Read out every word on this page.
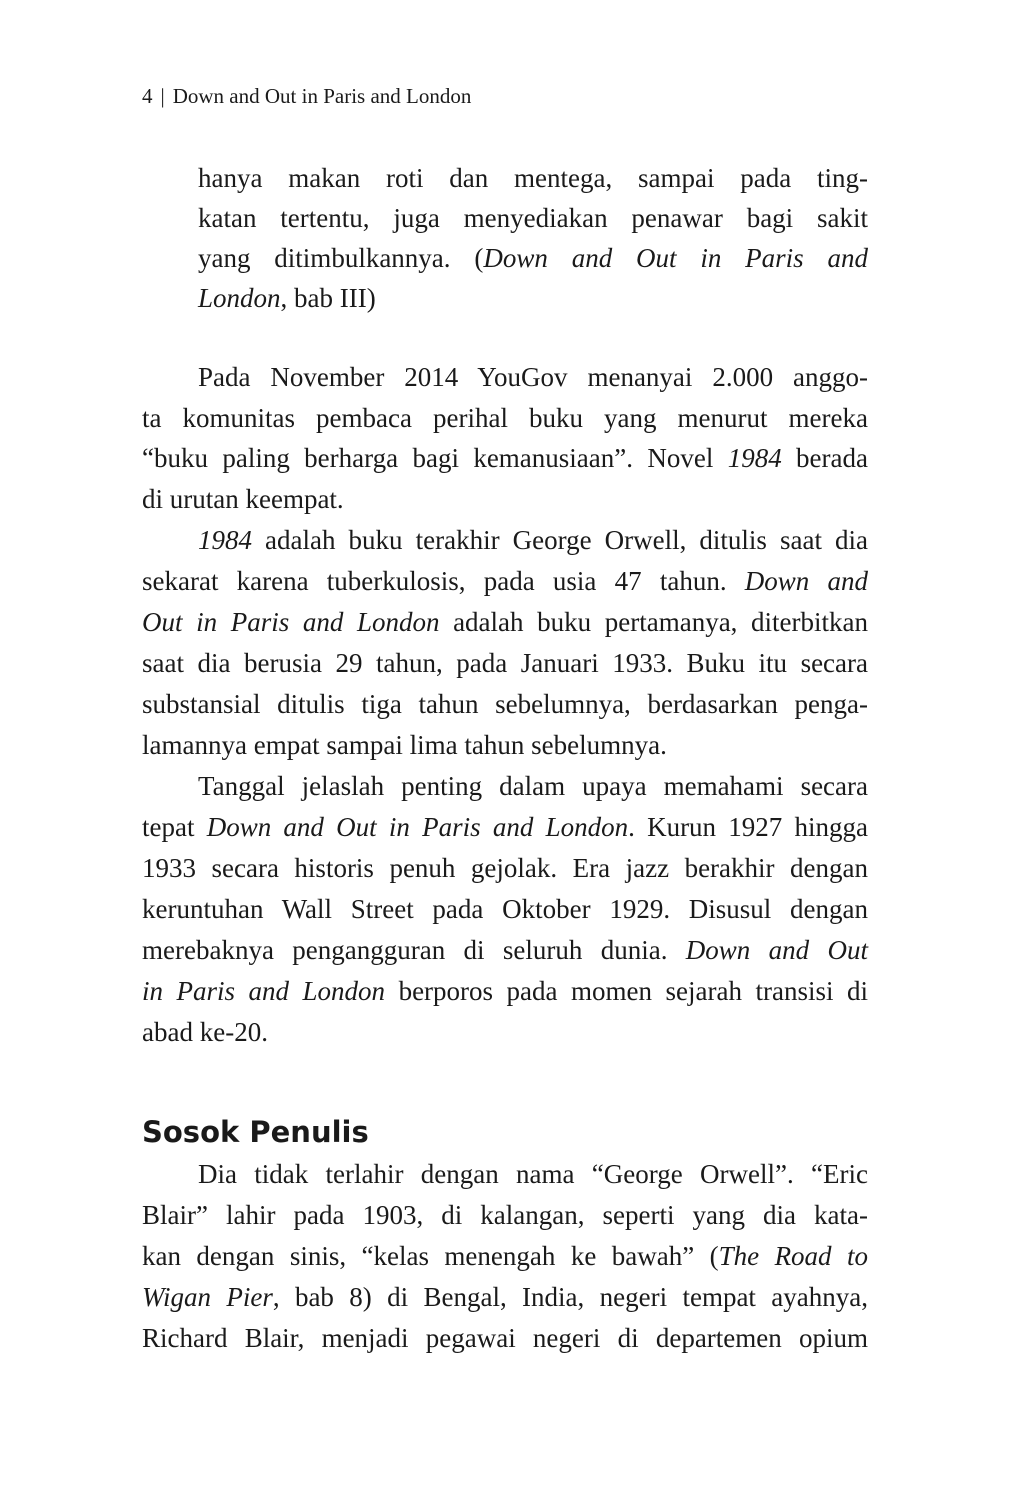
4 | Down and Out in Paris and London
hanya makan roti dan mentega, sampai pada ting-
katan tertentu, juga menyediakan penawar bagi sakit
yang ditimbulkannya. (Down and Out in Paris and
London, bab III)
Pada November 2014 YouGov menanyai 2.000 anggo-
ta komunitas pembaca perihal buku yang menurut mereka
“buku paling berharga bagi kemanusiaan”. Novel 1984 berada
di urutan keempat.
1984 adalah buku terakhir George Orwell, ditulis saat dia
sekarat karena tuberkulosis, pada usia 47 tahun. Down and
Out in Paris and London adalah buku pertamanya, diterbitkan
saat dia berusia 29 tahun, pada Januari 1933. Buku itu secara
substansial ditulis tiga tahun sebelumnya, berdasarkan penga-
lamannya empat sampai lima tahun sebelumnya.
Tanggal jelaslah penting dalam upaya memahami secara
tepat Down and Out in Paris and London. Kurun 1927 hingga
1933 secara historis penuh gejolak. Era jazz berakhir dengan
keruntuhan Wall Street pada Oktober 1929. Disusul dengan
merebaknya pengangguran di seluruh dunia. Down and Out
in Paris and London berporos pada momen sejarah transisi di
abad ke-20.
Dia tidak terlahir dengan nama “George Orwell”. “Eric
Blair” lahir pada 1903, di kalangan, seperti yang dia kata-
kan dengan sinis, “kelas menengah ke bawah” (The Road to
Wigan Pier, bab 8) di Bengal, India, negeri tempat ayahnya,
Richard Blair, menjadi pegawai negeri di departemen opium
Sosok Penulis
